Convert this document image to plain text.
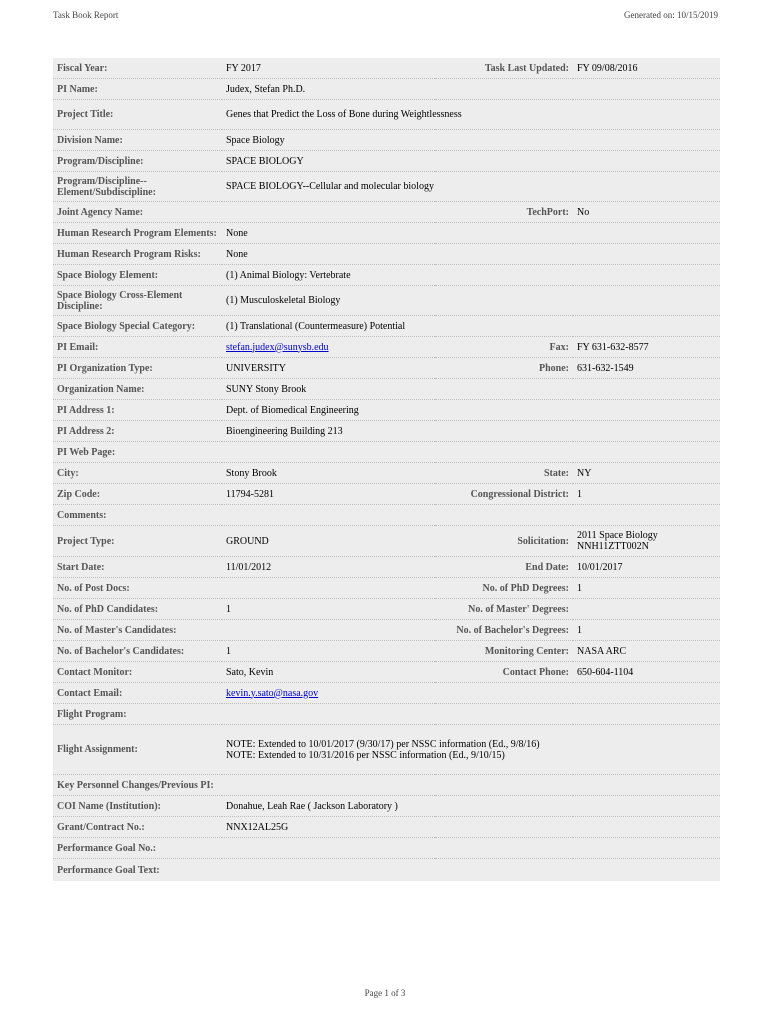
Task Book Report	Generated on: 10/15/2019
Fiscal Year:	FY 2017	Task Last Updated:	FY 09/08/2016
PI Name:	Judex, Stefan Ph.D.		
Project Title:	Genes that Predict the Loss of Bone during Weightlessness		
Division Name:	Space Biology		
Program/Discipline:	SPACE BIOLOGY		

Program/Discipline--
Element/Subdiscipline:	SPACE BIOLOGY--Cellular and molecular biology		
Joint Agency Name:		TechPort:	No
Human Research Program Elements:	None		
Human Research Program Risks:	None		
Space Biology Element:	(1) Animal Biology: Vertebrate		

Space Biology Cross-Element
Discipline:	(1) Musculoskeletal Biology		
Space Biology Special Category:	(1) Translational (Countermeasure) Potential		
PI Email:	stefan.judex@sunysb.edu	Fax:	FY 631-632-8577
PI Organization Type:	UNIVERSITY	Phone:	631-632-1549
Organization Name:	SUNY Stony Brook		
PI Address 1:	Dept. of Biomedical Engineering		
PI Address 2:	Bioengineering Building 213		
PI Web Page:			
City:	Stony Brook	State:	NY
Zip Code:	11794-5281	Congressional District:	1
Comments:			
Project Type:	GROUND	Solicitation:	2011 Space Biology
NNH11ZTT002N

Start Date:	11/01/2012	End Date:	10/01/2017
No. of Post Docs:		No. of PhD Degrees:	1
No. of PhD Candidates:	1	No. of Master' Degrees:	
No. of Master's Candidates:		No. of Bachelor's Degrees:	1
No. of Bachelor's Candidates:	1	Monitoring Center:	NASA ARC
Contact Monitor:	Sato, Kevin	Contact Phone:	650-604-1104
Contact Email:	kevin.y.sato@nasa.gov		
Flight Program:			
Flight Assignment:	NOTE: Extended to 10/01/2017 (9/30/17) per NSSC information (Ed., 9/8/16)
NOTE: Extended to 10/31/2016 per NSSC information (Ed., 9/10/15)		

Key Personnel Changes/Previous PI:			
COI Name (Institution):	Donahue, Leah Rae ( Jackson Laboratory )		
Grant/Contract No.:	NNX12AL25G		
Performance Goal No.:			
Performance Goal Text:			
Page 1 of 3
